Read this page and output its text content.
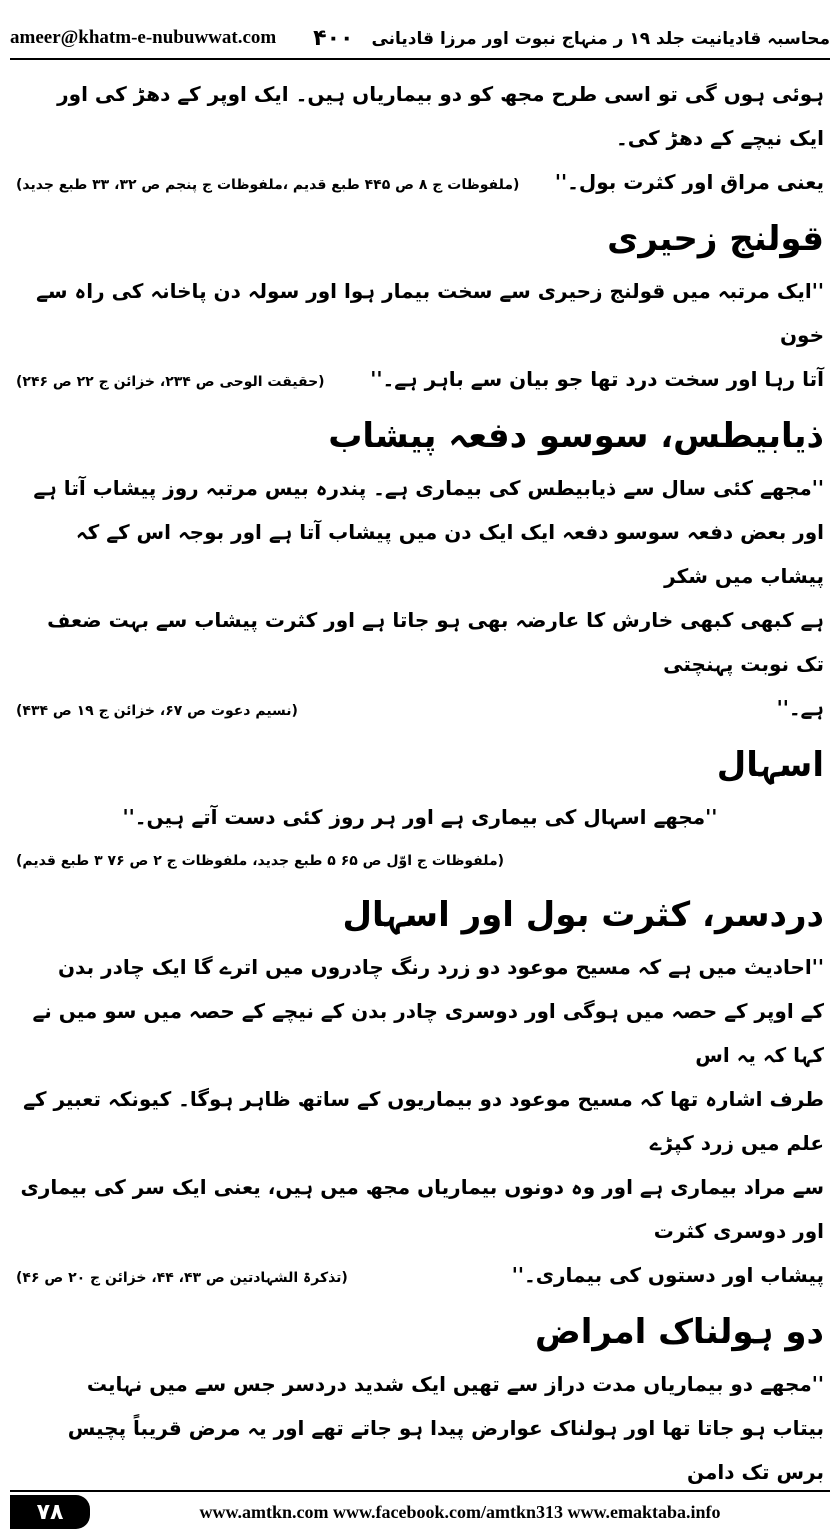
ameer@khatm-e-nubuwwat.com	محاسبہ قادیانیت جلد ۱۹ ر منہاج نبوت اور مرزا قادیانی
۴۰۰

ہوئی ہوں گی تو اسی طرح مجھ کو دو بیماریاں ہیں۔ ایک اوپر کے دھڑ کی اور ایک نیچے کے دھڑ کی۔

یعنی مراق اور کثرت بول۔''
(ملفوظات ج ۸ ص ۴۴۵ طبع قدیم ،ملفوظات ج پنجم ص ۳۲، ۳۳ طبع جدید)
قولنج زحیری

''ایک مرتبہ میں قولنج زحیری سے سخت بیمار ہوا اور سولہ دن پاخانہ کی راہ سے خون

آتا رہا اور سخت درد تھا جو بیان سے باہر ہے۔''
(حقیقت الوحی ص ۲۳۴، خزائن ج ۲۲ ص ۲۴۶)
ذیابیطس، سوسو دفعہ پیشاب

''مجھے کئی سال سے ذیابیطس کی بیماری ہے۔ پندرہ بیس مرتبہ روز پیشاب آتا ہے

اور بعض دفعہ سوسو دفعہ ایک ایک دن میں پیشاب آتا ہے اور بوجہ اس کے کہ پیشاب میں شکر

ہے کبھی کبھی خارش کا عارضہ بھی ہو جاتا ہے اور کثرت پیشاب سے بہت ضعف تک نوبت پہنچتی

ہے۔''
(نسیم دعوت ص ۶۷، خزائن ج ۱۹ ص ۴۳۴)
اسہال

''مجھے اسہال کی بیماری ہے اور ہر روز کئی دست آتے ہیں۔''

(ملفوظات ج اوّل ص ۶۵ ۵ طبع جدید، ملفوظات ج ۲ ص ۷۶ ۳ طبع قدیم)
دردسر، کثرت بول اور اسہال

''احادیث میں ہے کہ مسیح موعود دو زرد رنگ چادروں میں اترے گا ایک چادر بدن

کے اوپر کے حصہ میں ہوگی اور دوسری چادر بدن کے نیچے کے حصہ میں سو میں نے کہا کہ یہ اس

طرف اشارہ تھا کہ مسیح موعود دو بیماریوں کے ساتھ ظاہر ہوگا۔ کیونکہ تعبیر کے علم میں زرد کپڑے

سے مراد بیماری ہے اور وہ دونوں بیماریاں مجھ میں ہیں، یعنی ایک سر کی بیماری اور دوسری کثرت

پیشاب اور دستوں کی بیماری۔''
(تذکرۃ الشہادتین ص ۴۳، ۴۴، خزائن ج ۲۰ ص ۴۶)
دو ہولناک امراض

''مجھے دو بیماریاں مدت دراز سے تھیں ایک شدید دردسر جس سے میں نہایت

بیتاب ہو جاتا تھا اور ہولناک عوارض پیدا ہو جاتے تھے اور یہ مرض قریباً پچیس برس تک دامن

۷۸	www.amtkn.com www.facebook.com/amtkn313 www.emaktaba.info
